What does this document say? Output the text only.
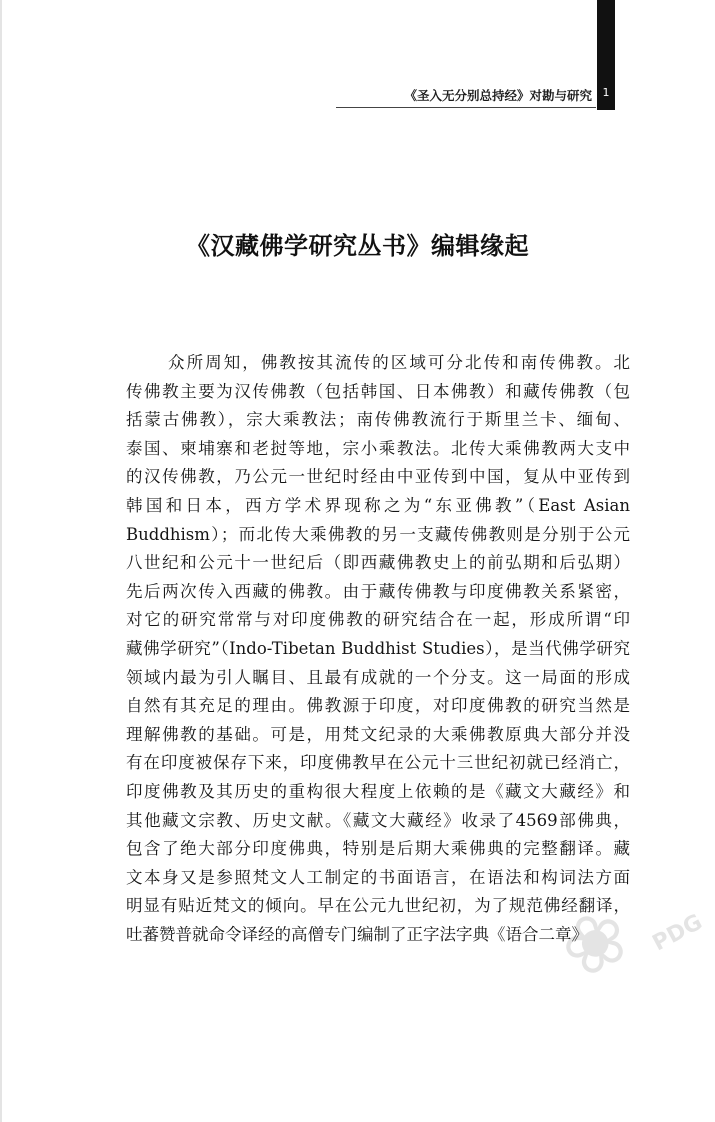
1
《圣入无分别总持经》对勘与研究
《汉藏佛学研究丛书》编辑缘起
众所周知，佛教按其流传的区域可分北传和南传佛教。北
传佛教主要为汉传佛教（包括韩国、日本佛教）和藏传佛教（包
括蒙古佛教），宗大乘教法；南传佛教流行于斯里兰卡、缅甸、
泰国、柬埔寨和老挝等地，宗小乘教法。北传大乘佛教两大支中
的汉传佛教，乃公元一世纪时经由中亚传到中国，复从中亚传到
韩国和日本，西方学术界现称之为“东亚佛教”（East Asian
Buddhism）；而北传大乘佛教的另一支藏传佛教则是分别于公元
八世纪和公元十一世纪后（即西藏佛教史上的前弘期和后弘期）
先后两次传入西藏的佛教。由于藏传佛教与印度佛教关系紧密，
对它的研究常常与对印度佛教的研究结合在一起，形成所谓“印
藏佛学研究”（Indo-Tibetan Buddhist Studies），是当代佛学研究
领域内最为引人瞩目、且最有成就的一个分支。这一局面的形成
自然有其充足的理由。佛教源于印度，对印度佛教的研究当然是
理解佛教的基础。可是，用梵文纪录的大乘佛教原典大部分并没
有在印度被保存下来，印度佛教早在公元十三世纪初就已经消亡，
印度佛教及其历史的重构很大程度上依赖的是《藏文大藏经》和
其他藏文宗教、历史文献。《藏文大藏经》收录了4569部佛典，
包含了绝大部分印度佛典，特别是后期大乘佛典的完整翻译。藏
文本身又是参照梵文人工制定的书面语言，在语法和构词法方面
明显有贴近梵文的倾向。早在公元九世纪初，为了规范佛经翻译，
吐蕃赞普就命令译经的高僧专门编制了正字法字典《语合二章》
❀ PDG
